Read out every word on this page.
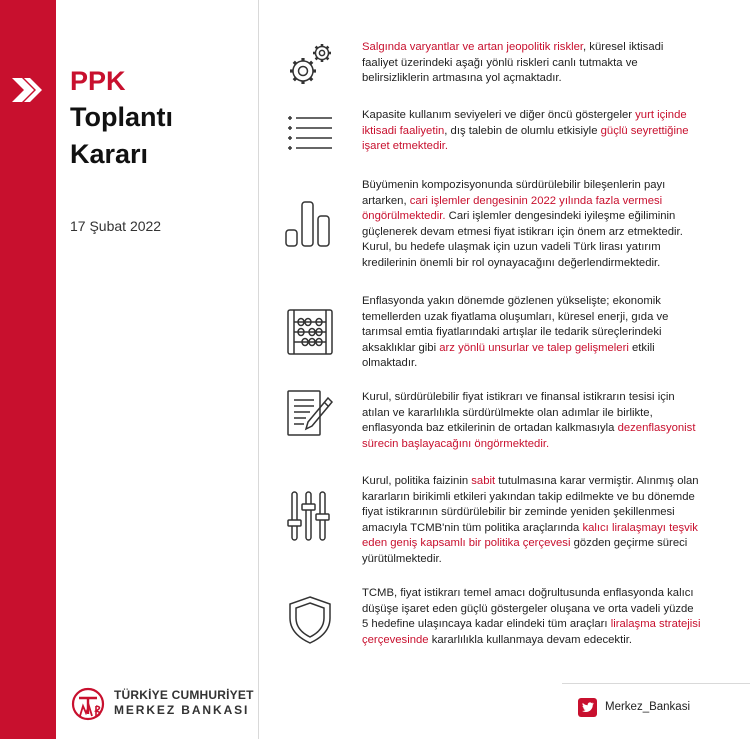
PPK
Toplantı
Kararı
17 Şubat 2022
TÜRKİYE CUMHURİYET
MERKEZ BANKASI
Salgında varyantlar ve artan jeopolitik riskler, küresel iktisadi faaliyet üzerindeki aşağı yönlü riskleri canlı tutmakta ve belirsizliklerin artmasına yol açmaktadır.
Kapasite kullanım seviyeleri ve diğer öncü göstergeler yurt içinde iktisadi faaliyetin, dış talebin de olumlu etkisiyle güçlü seyrettiğine işaret etmektedir.
Büyümenin kompozisyonunda sürdürülebilir bileşenlerin payı artarken, cari işlemler dengesinin 2022 yılında fazla vermesi öngörülmektedir. Cari işlemler dengesindeki iyileşme eğiliminin güçlenerek devam etmesi fiyat istikrarı için önem arz etmektedir. Kurul, bu hedefe ulaşmak için uzun vadeli Türk lirası yatırım kredilerinin önemli bir rol oynayacağını değerlendirmektedir.
Enflasyonda yakın dönemde gözlenen yükselişte; ekonomik temellerden uzak fiyatlama oluşumları, küresel enerji, gıda ve tarımsal emtia fiyatlarındaki artışlar ile tedarik süreçlerindeki aksaklıklar gibi arz yönlü unsurlar ve talep gelişmeleri etkili olmaktadır.
Kurul, sürdürülebilir fiyat istikrarı ve finansal istikrarın tesisi için atılan ve kararlılıkla sürdürülmekte olan adımlar ile birlikte, enflasyonda baz etkilerinin de ortadan kalkmasıyla dezenflasyonist sürecin başlayacağını öngörmektedir.
Kurul, politika faizinin sabit tutulmasına karar vermiştir. Alınmış olan kararların birikimli etkileri yakından takip edilmekte ve bu dönemde fiyat istikrarının sürdürülebilir bir zeminde yeniden şekillenmesi amacıyla TCMB'nin tüm politika araçlarında kalıcı liralaşmayı teşvik eden geniş kapsamlı bir politika çerçevesi gözden geçirme süreci yürütülmektedir.
TCMB, fiyat istikrarı temel amacı doğrultusunda enflasyonda kalıcı düşüşe işaret eden güçlü göstergeler oluşana ve orta vadeli yüzde 5 hedefine ulaşıncaya kadar elindeki tüm araçları liralaşma stratejisi çerçevesinde kararlılıkla kullanmaya devam edecektir.
Merkez_Bankasi
